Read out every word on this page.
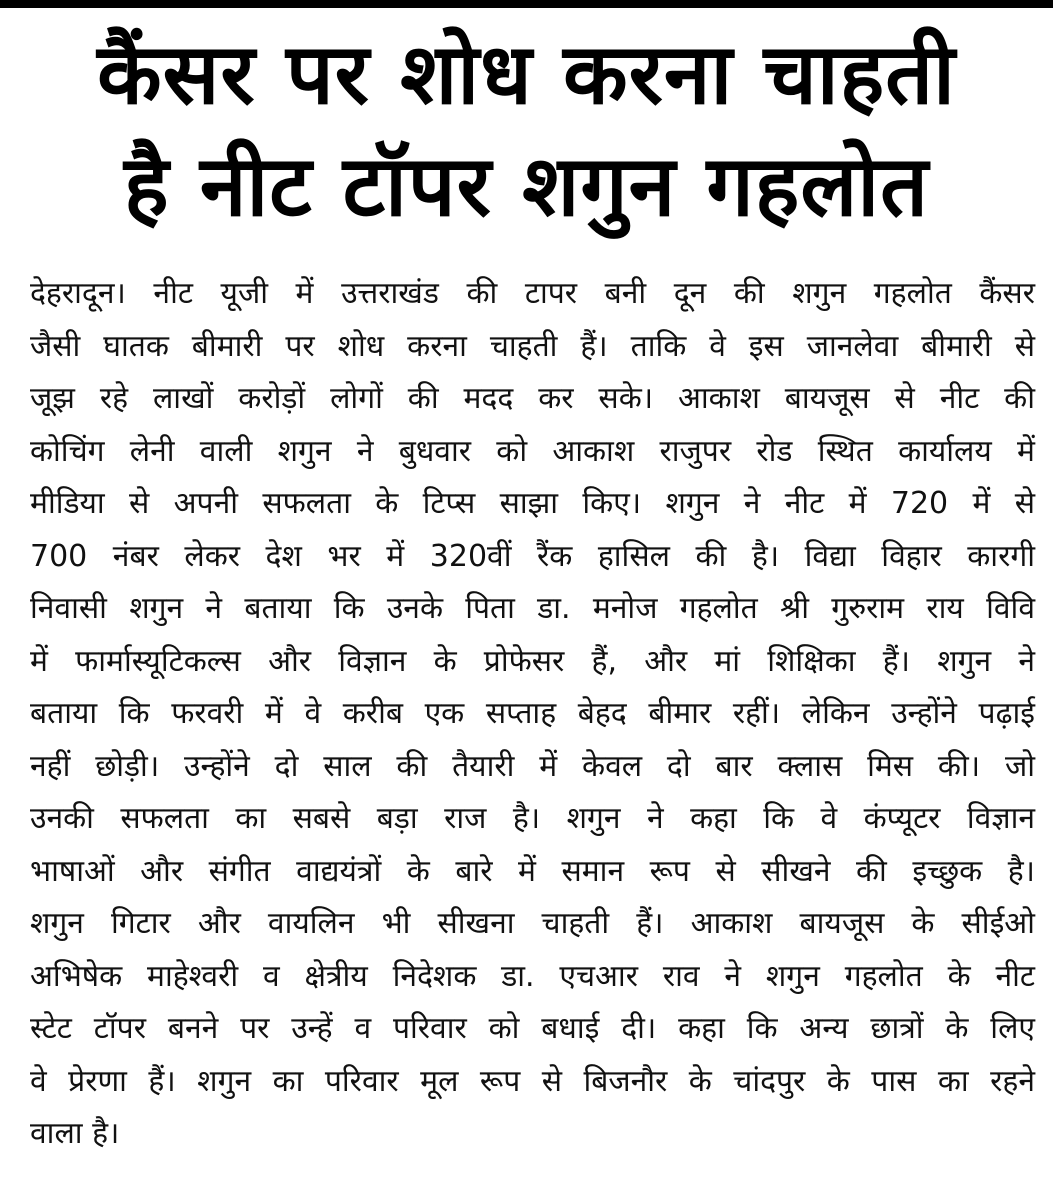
कैंसर पर शोध करना चाहती
है नीट टॉपर शगुन गहलोत
देहरादून। नीट यूजी में उत्तराखंड की टापर बनी दून की शगुन गहलोत कैंसर
जैसी घातक बीमारी पर शोध करना चाहती हैं। ताकि वे इस जानलेवा बीमारी से
जूझ रहे लाखों करोड़ों लोगों की मदद कर सके। आकाश बायजूस से नीट की
कोचिंग लेनी वाली शगुन ने बुधवार को आकाश राजुपर रोड स्थित कार्यालय में
मीडिया से अपनी सफलता के टिप्स साझा किए। शगुन ने नीट में 720 में से
700 नंबर लेकर देश भर में 320वीं रैंक हासिल की है। विद्या विहार कारगी
निवासी शगुन ने बताया कि उनके पिता डा. मनोज गहलोत श्री गुरुराम राय विवि
में फार्मास्यूटिकल्स और विज्ञान के प्रोफेसर हैं, और मां शिक्षिका हैं। शगुन ने
बताया कि फरवरी में वे करीब एक सप्ताह बेहद बीमार रहीं। लेकिन उन्होंने पढ़ाई
नहीं छोड़ी। उन्होंने दो साल की तैयारी में केवल दो बार क्लास मिस की। जो
उनकी सफलता का सबसे बड़ा राज है। शगुन ने कहा कि वे कंप्यूटर विज्ञान
भाषाओं और संगीत वाद्ययंत्रों के बारे में समान रूप से सीखने की इच्छुक है।
शगुन गिटार और वायलिन भी सीखना चाहती हैं। आकाश बायजूस के सीईओ
अभिषेक माहेश्वरी व क्षेत्रीय निदेशक डा. एचआर राव ने शगुन गहलोत के नीट
स्टेट टॉपर बनने पर उन्हें व परिवार को बधाई दी। कहा कि अन्य छात्रों के लिए
वे प्रेरणा हैं। शगुन का परिवार मूल रूप से बिजनौर के चांदपुर के पास का रहने
वाला है।
